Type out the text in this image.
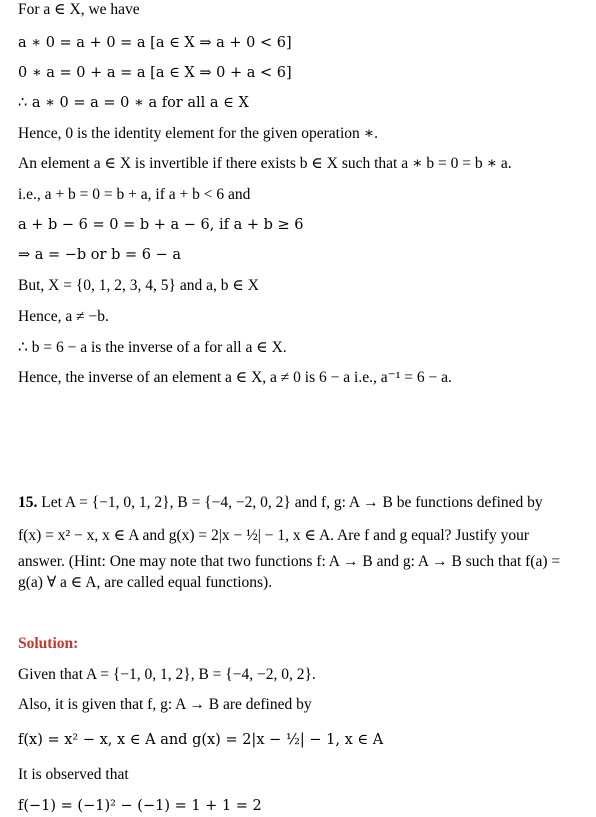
For a ∈ X, we have
a ∗ 0 = a + 0 = a [a ∈ X ⇒ a + 0 < 6]
0 ∗ a = 0 + a = a [a ∈ X ⇒ 0 + a < 6]
∴ a ∗ 0 = a = 0 ∗ a for all a ∈ X
Hence, 0 is the identity element for the given operation ∗.
An element a ∈ X is invertible if there exists b ∈ X such that a ∗ b = 0 = b ∗ a.
i.e., a + b = 0 = b + a, if a + b < 6 and
a + b − 6 = 0 = b + a − 6, if a + b ≥ 6
⇒ a = −b or b = 6 − a
But, X = {0, 1, 2, 3, 4, 5} and a, b ∈ X
Hence, a ≠ −b.
∴ b = 6 − a is the inverse of a for all a ∈ X.
Hence, the inverse of an element a ∈ X, a ≠ 0 is 6 − a i.e., a⁻¹ = 6 − a.
15. Let A = {−1, 0, 1, 2}, B = {−4, −2, 0, 2} and f, g: A → B be functions defined by
f(x) = x² − x, x ∈ A and g(x) = 2|x − ½| − 1, x ∈ A. Are f and g equal? Justify your
answer. (Hint: One may note that two functions f: A → B and g: A → B such that f(a) =
g(a) ∀ a ∈ A, are called equal functions).
Solution:
Given that A = {−1, 0, 1, 2}, B = {−4, −2, 0, 2}.
Also, it is given that f, g: A → B are defined by
f(x) = x² − x, x ∈ A and g(x) = 2|x − ½| − 1, x ∈ A
It is observed that
f(−1) = (−1)² − (−1) = 1 + 1 = 2
